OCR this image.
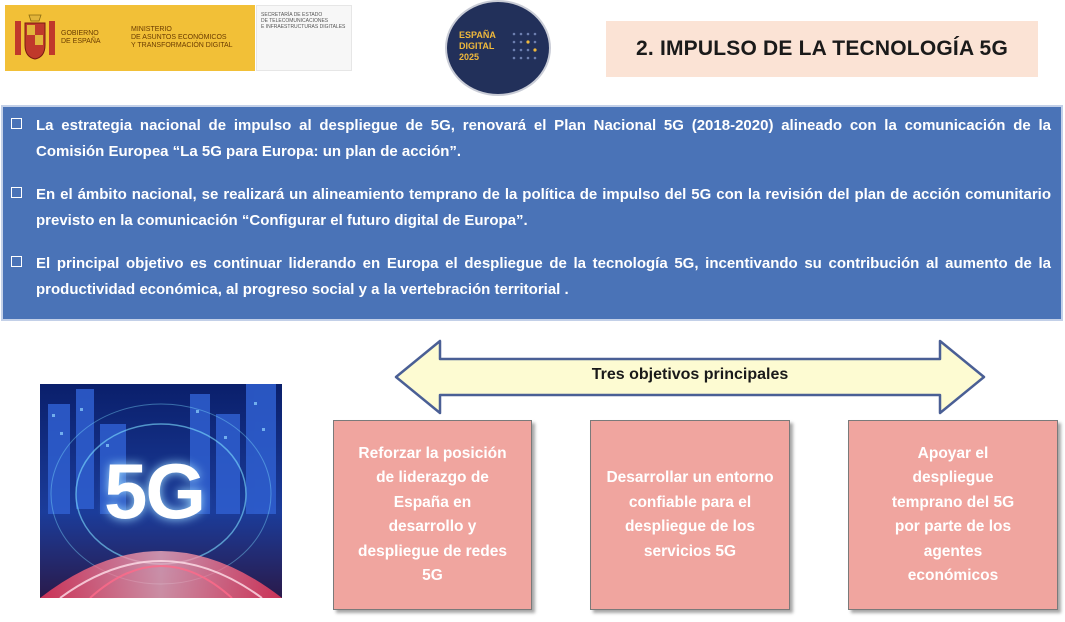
GOBIERNO
DE ESPAÑA
MINISTERIO
DE ASUNTOS ECONÓMICOS
Y TRANSFORMACIÓN DIGITAL
SECRETARÍA DE ESTADO
DE TELECOMUNICACIONES
E INFRAESTRUCTURAS DIGITALES
ESPAÑA
DIGITAL
2025	2. IMPULSO DE LA TECNOLOGÍA 5G
La estrategia nacional de impulso al despliegue de 5G, renovará el Plan Nacional 5G (2018-2020) alineado con la comunicación de la Comisión Europea “La 5G para Europa: un plan de acción”.
En el ámbito nacional, se realizará un alineamiento temprano de la política de impulso del 5G con la revisión del plan de acción comunitario previsto en la comunicación “Configurar el futuro digital de Europa”.
El principal objetivo es continuar liderando en Europa el despliegue de la tecnología 5G, incentivando su contribución al aumento de la productividad económica, al progreso social y a la vertebración territorial .
Tres objetivos principales
5G	Reforzar la posición de liderazgo de España en desarrollo y despliegue de redes 5G
Desarrollar un entorno confiable para el despliegue de los servicios 5G
Apoyar el despliegue temprano del 5G por parte de los agentes económicos
